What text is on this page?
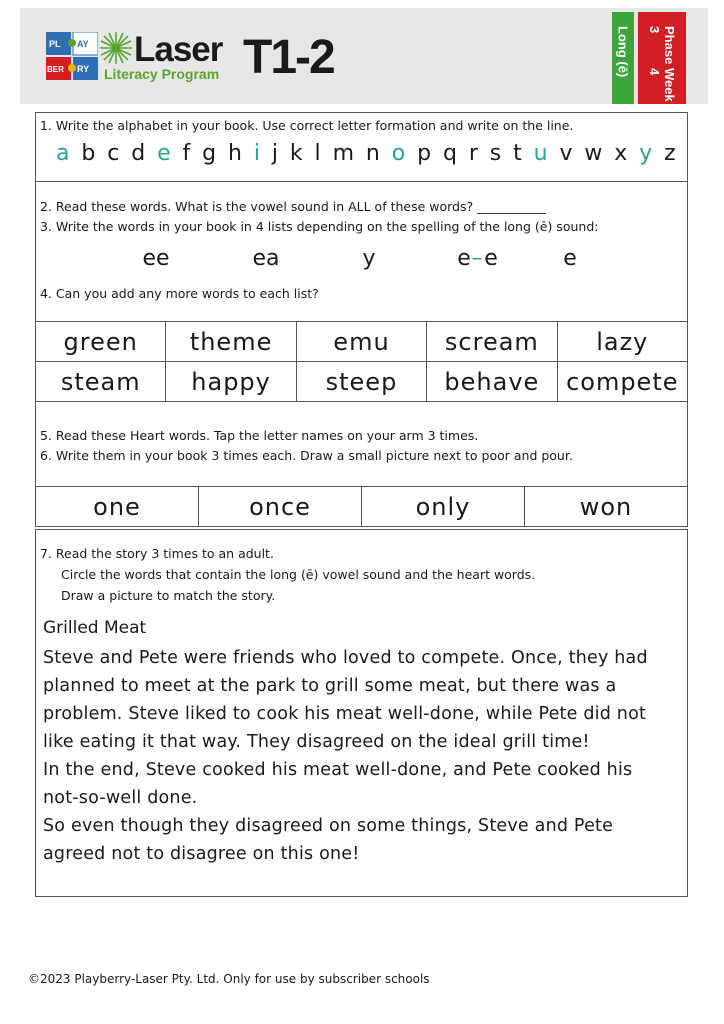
PL AY
BER RY Laser
Literacy Program T1-2	Long (ē)	Phase 3
Week 4
1. Write the alphabet in your book. Use correct letter formation and write on the line.
a b c d e f g h i j k l m n o p q r s t u v w x y z
2. Read these words. What is the vowel sound in ALL of these words? ___________
3. Write the words in your book in 4 lists depending on the spelling of the long (ē) sound:
ee	ea	y	e – e	e
4. Can you add any more words to each list?
green	theme	emu	scream	lazy
steam	happy	steep	behave	compete
5. Read these Heart words. Tap the letter names on your arm 3 times.
6. Write them in your book 3 times each. Draw a small picture next to poor and pour.
one	once	only	won
7. Read the story 3 times to an adult.
Circle the words that contain the long (ē) vowel sound and the heart words.
Draw a picture to match the story.
Grilled Meat
Steve and Pete were friends who loved to compete. Once, they had
planned to meet at the park to grill some meat, but there was a
problem. Steve liked to cook his meat well-done, while Pete did not
like eating it that way. They disagreed on the ideal grill time!
In the end, Steve cooked his meat well-done, and Pete cooked his
not-so-well done.
So even though they disagreed on some things, Steve and Pete
agreed not to disagree on this one!
©2023 Playberry-Laser Pty. Ltd. Only for use by subscriber schools
